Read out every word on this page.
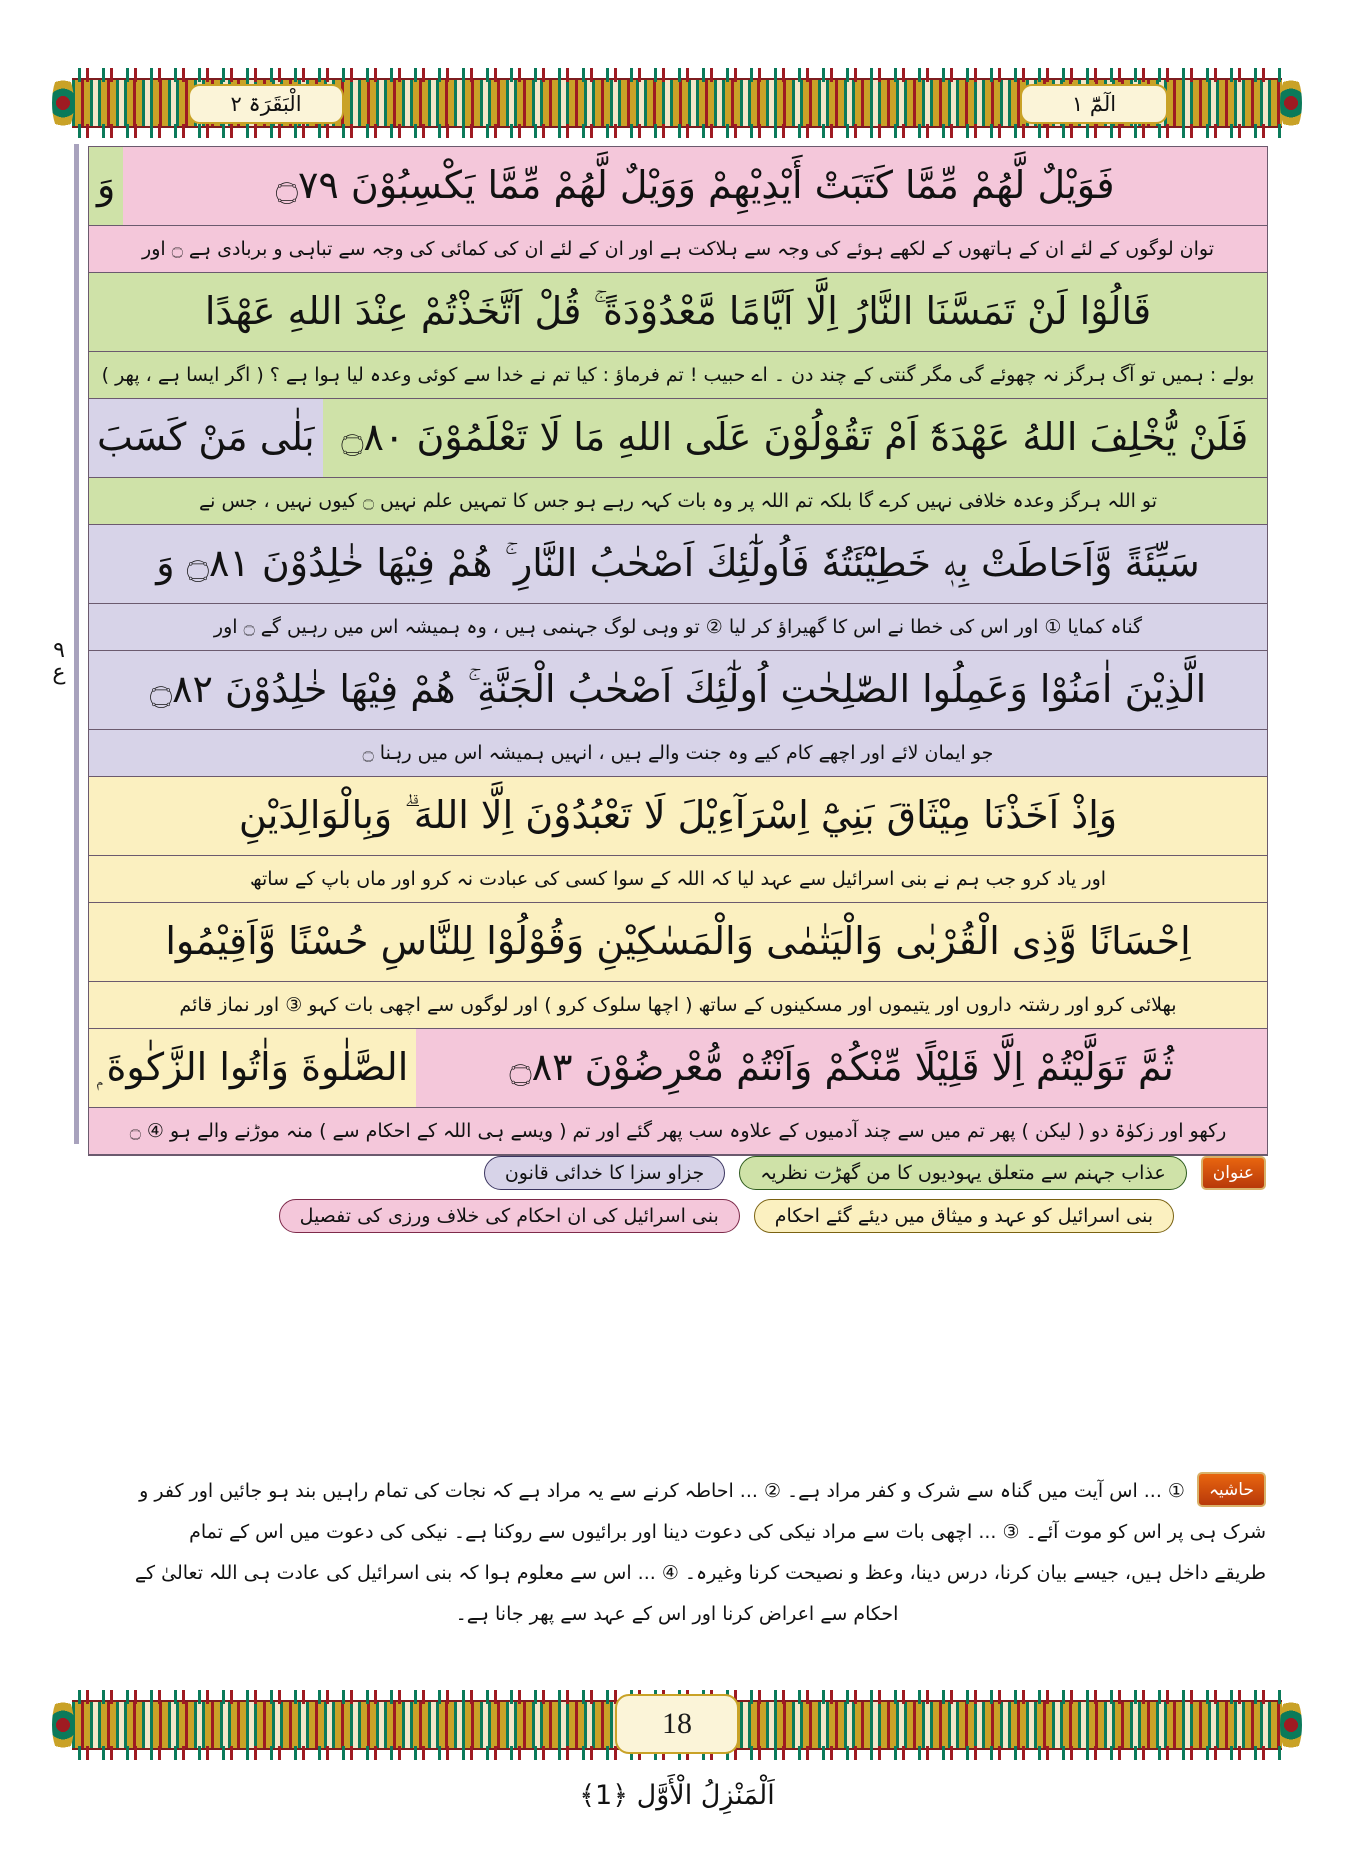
الْبَقَرَۃ ٢	الٓمّٓ ١
٩
ع
فَوَيْلٌ لَّهُمْ مِّمَّا كَتَبَتْ أَيْدِيْهِمْ وَوَيْلٌ لَّهُمْ مِّمَّا يَكْسِبُوْنَ ۝٧٩
وَ
توان لوگوں کے لئے ان کے ہاتھوں کے لکھے ہوئے کی وجہ سے ہلاکت ہے اور ان کے لئے ان کی کمائی کی وجہ سے تباہی و بربادی ہے ۝ اور
قَالُوْا لَنْ تَمَسَّنَا النَّارُ اِلَّا اَيَّامًا مَّعْدُوْدَةً ۚ قُلْ اَتَّخَذْتُمْ عِنْدَ اللهِ عَهْدًا
بولے : ہمیں تو آگ ہرگز نہ چھوئے گی مگر گنتی کے چند دن ۔ اے حبیب ! تم فرماؤ : کیا تم نے خدا سے کوئی وعدہ لیا ہوا ہے ؟ ( اگر ایسا ہے ، پھر )
فَلَنْ يُّخْلِفَ اللهُ عَهْدَهٗٓ اَمْ تَقُوْلُوْنَ عَلَى اللهِ مَا لَا تَعْلَمُوْنَ ۝٨٠
بَلٰى مَنْ كَسَبَ
تو اللہ ہرگز وعدہ خلافی نہیں کرے گا بلکہ تم اللہ پر وہ بات کہہ رہے ہو جس کا تمہیں علم نہیں ۝ کیوں نہیں ، جس نے
سَيِّئَةً وَّاَحَاطَتْ بِهٖ خَطِيْٓئَتُهٗ فَاُولٰٓئِكَ اَصْحٰبُ النَّارِ ۚ هُمْ فِيْهَا خٰلِدُوْنَ ۝٨١ وَ
گناہ کمایا ① اور اس کی خطا نے اس کا گھیراؤ کر لیا ② تو وہی لوگ جہنمی ہیں ، وہ ہمیشہ اس میں رہیں گے ۝ اور
الَّذِيْنَ اٰمَنُوْا وَعَمِلُوا الصّٰلِحٰتِ اُولٰٓئِكَ اَصْحٰبُ الْجَنَّةِ ۚ هُمْ فِيْهَا خٰلِدُوْنَ ۝٨٢
جو ایمان لائے اور اچھے کام کیے وہ جنت والے ہیں ، انہیں ہمیشہ اس میں رہنا ۝
وَاِذْ اَخَذْنَا مِيْثَاقَ بَنِيْٓ اِسْرَآءِيْلَ لَا تَعْبُدُوْنَ اِلَّا اللهَ ۗ وَبِالْوَالِدَيْنِ
اور یاد کرو جب ہم نے بنی اسرائیل سے عہد لیا کہ اللہ کے سوا کسی کی عبادت نہ کرو اور ماں باپ کے ساتھ
اِحْسَانًا وَّذِى الْقُرْبٰى وَالْيَتٰمٰى وَالْمَسٰكِيْنِ وَقُوْلُوْا لِلنَّاسِ حُسْنًا وَّاَقِيْمُوا
بھلائی کرو اور رشتہ داروں اور یتیموں اور مسکینوں کے ساتھ ( اچھا سلوک کرو ) اور لوگوں سے اچھی بات کہو ③ اور نماز قائم
ثُمَّ تَوَلَّيْتُمْ اِلَّا قَلِيْلًا مِّنْكُمْ وَاَنْتُمْ مُّعْرِضُوْنَ ۝٨٣
الصَّلٰوةَ وَاٰتُوا الزَّكٰوةَ ۭ
رکھو اور زکوٰۃ دو ( لیکن ) پھر تم میں سے چند آدمیوں کے علاوہ سب پھر گئے اور تم ( ویسے ہی اللہ کے احکام سے ) منہ موڑنے والے ہو ④ ۝
عنوان
عذاب جہنم سے متعلق یہودیوں کا من گھڑت نظریہ
جزاو سزا کا خدائی قانون
بنی اسرائیل کو عہد و میثاق میں دیئے گئے احکام
بنی اسرائیل کی ان احکام کی خلاف ورزی کی تفصیل
حاشیہ
① ... اس آیت میں گناہ سے شرک و کفر مراد ہے۔ ② ... احاطہ کرنے سے یہ مراد ہے کہ نجات کی تمام راہیں بند ہو جائیں اور کفر و
شرک ہی پر اس کو موت آئے۔ ③ ... اچھی بات سے مراد نیکی کی دعوت دینا اور برائیوں سے روکنا ہے۔ نیکی کی دعوت میں اس کے تمام
طریقے داخل ہیں، جیسے بیان کرنا، درس دینا، وعظ و نصیحت کرنا وغیرہ۔ ④ ... اس سے معلوم ہوا کہ بنی اسرائیل کی عادت ہی اللہ تعالیٰ کے
احکام سے اعراض کرنا اور اس کے عہد سے پھر جانا ہے۔
18
اَلْمَنْزِلُ الْأَوَّل ﴿1﴾
